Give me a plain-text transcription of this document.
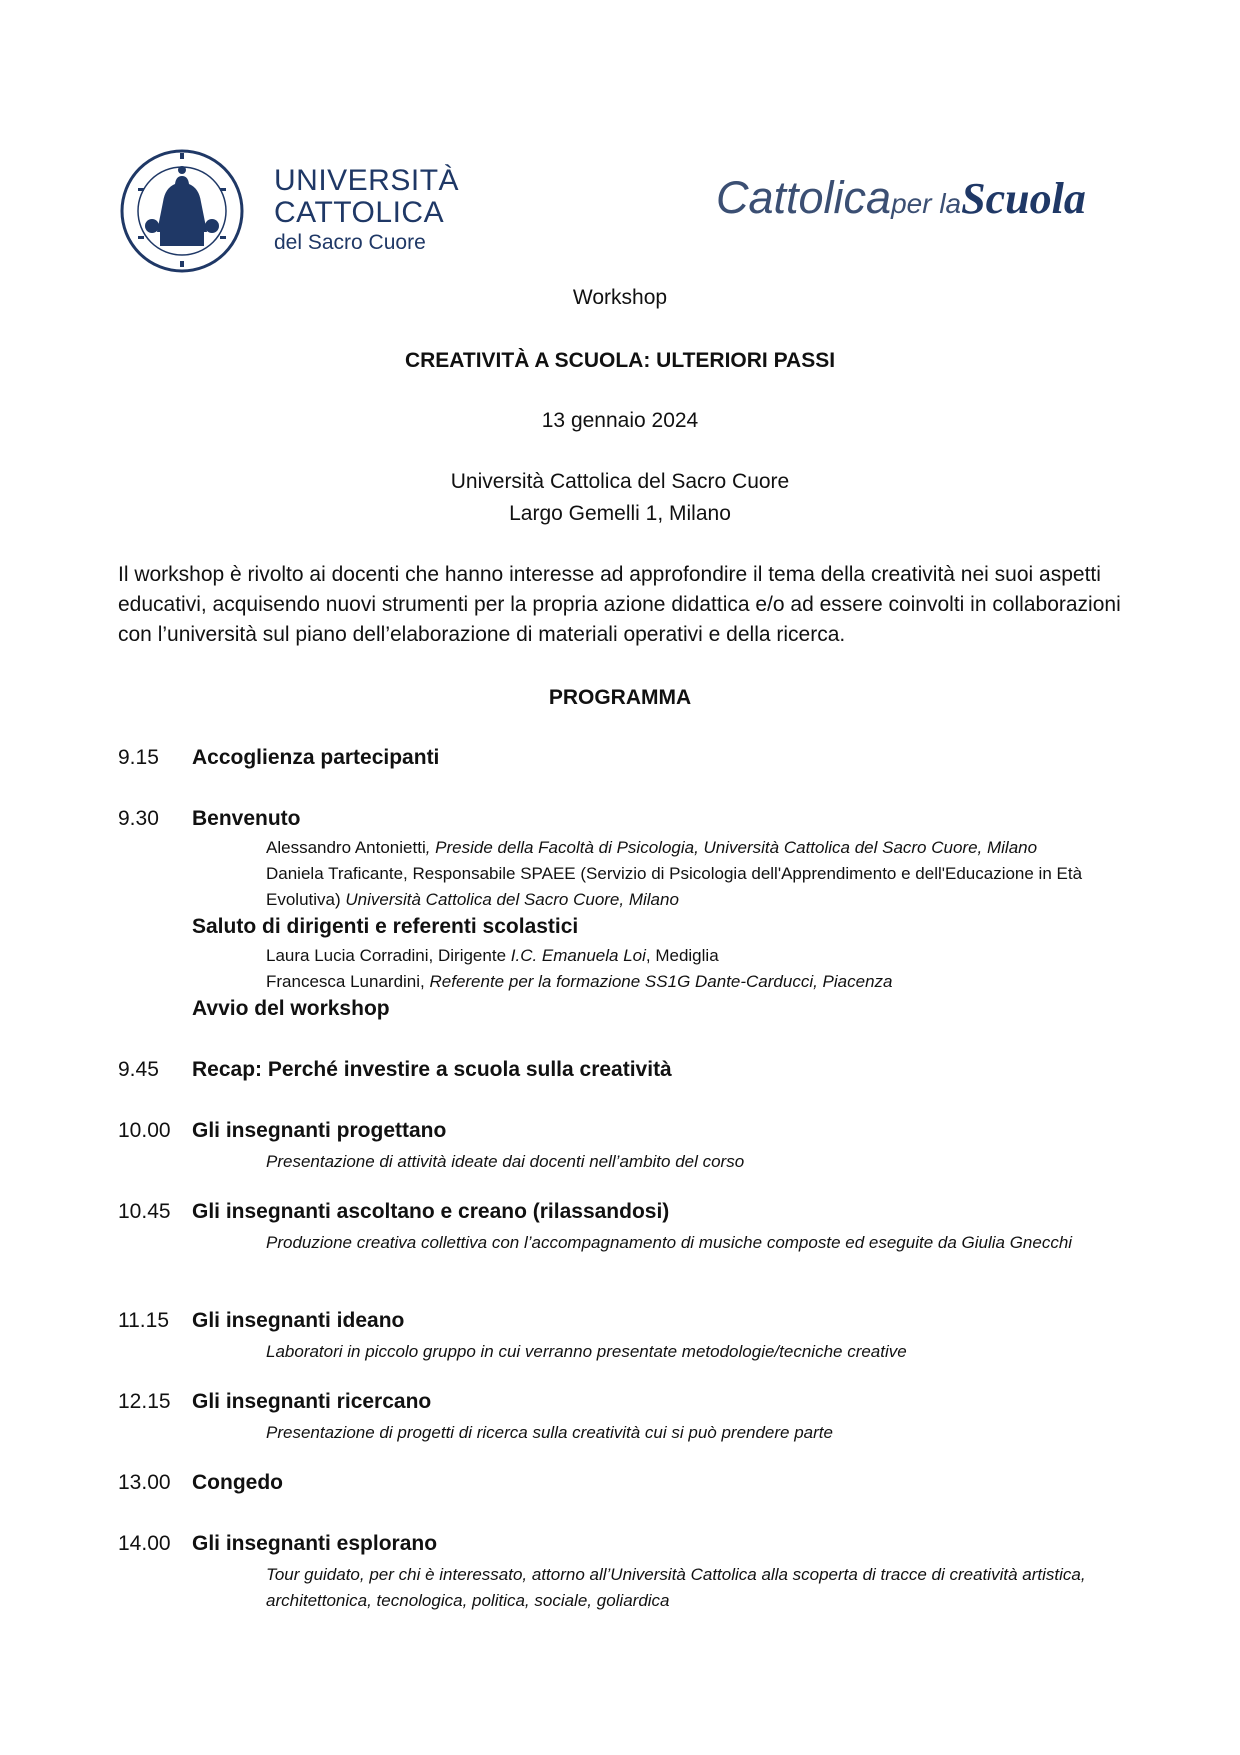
UNIVERSITÀ
CATTOLICA
del Sacro Cuore
Cattolicaper laScuola
Workshop
CREATIVITÀ A SCUOLA: ULTERIORI PASSI
13 gennaio 2024
Università Cattolica del Sacro Cuore
Largo Gemelli 1, Milano
Il workshop è rivolto ai docenti che hanno interesse ad approfondire il tema della creatività nei suoi aspetti educativi, acquisendo nuovi strumenti per la propria azione didattica e/o ad essere coinvolti in collaborazioni con l’università sul piano dell’elaborazione di materiali operativi e della ricerca.
PROGRAMMA
9.15 Accoglienza partecipanti
9.30 Benvenuto
Alessandro Antonietti, Preside della Facoltà di Psicologia, Università Cattolica del Sacro Cuore, Milano
Daniela Traficante, Responsabile SPAEE (Servizio di Psicologia dell'Apprendimento e dell'Educazione in Età Evolutiva) Università Cattolica del Sacro Cuore, Milano
Saluto di dirigenti e referenti scolastici
Laura Lucia Corradini, Dirigente I.C. Emanuela Loi, Mediglia
Francesca Lunardini, Referente per la formazione SS1G Dante-Carducci, Piacenza
Avvio del workshop
9.45 Recap: Perché investire a scuola sulla creatività
10.00 Gli insegnanti progettano
Presentazione di attività ideate dai docenti nell’ambito del corso
10.45 Gli insegnanti ascoltano e creano (rilassandosi)
Produzione creativa collettiva con l’accompagnamento di musiche composte ed eseguite da Giulia Gnecchi
11.15 Gli insegnanti ideano
Laboratori in piccolo gruppo in cui verranno presentate metodologie/tecniche creative
12.15 Gli insegnanti ricercano
Presentazione di progetti di ricerca sulla creatività cui si può prendere parte
13.00 Congedo
14.00 Gli insegnanti esplorano
Tour guidato, per chi è interessato, attorno all’Università Cattolica alla scoperta di tracce di creatività artistica, architettonica, tecnologica, politica, sociale, goliardica
